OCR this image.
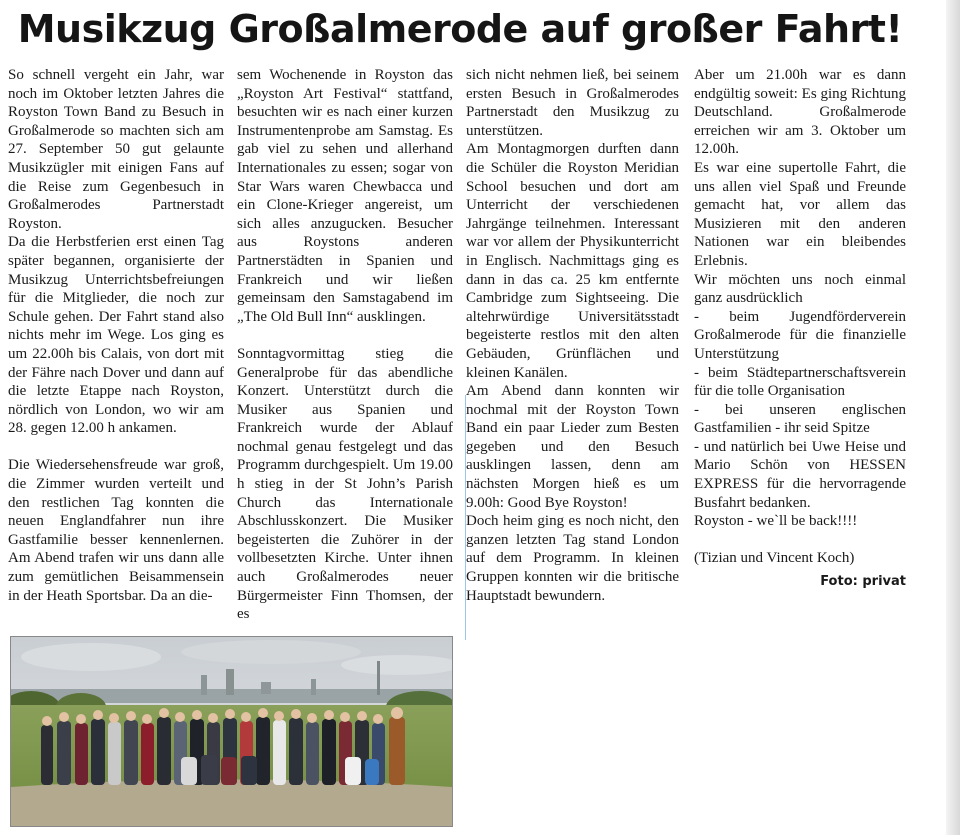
Musikzug Großalmerode auf großer Fahrt!

So schnell vergeht ein Jahr, war noch im Oktober letzten Jahres die Royston Town Band zu Besuch in Großalmerode so machten sich am 27. September 50 gut gelaunte Musikzügler mit einigen Fans auf die Reise zum Gegenbesuch in Großalmerodes Partnerstadt Royston.

Da die Herbstferien erst einen Tag später begannen, organisierte der Musikzug Unterrichtsbefreiungen für die Mitglieder, die noch zur Schule gehen. Der Fahrt stand also nichts mehr im Wege. Los ging es um 22.00h bis Calais, von dort mit der Fähre nach Dover und dann auf die letzte Etappe nach Royston, nördlich von London, wo wir am 28. gegen 12.00 h ankamen.

Die Wiedersehensfreude war groß, die Zimmer wurden verteilt und den restlichen Tag konnten die neuen Englandfahrer nun ihre Gastfamilie besser kennenlernen. Am Abend trafen wir uns dann alle zum gemütlichen Beisammensein in der Heath Sportsbar. Da an die-

sem Wochenende in Royston das „Royston Art Festival“ stattfand, besuchten wir es nach einer kurzen Instrumentenprobe am Samstag. Es gab viel zu sehen und allerhand Internationales zu essen; sogar von Star Wars waren Chewbacca und ein Clone-Krieger angereist, um sich alles anzugucken. Besucher aus Roystons anderen Partnerstädten in Spanien und Frankreich und wir ließen gemeinsam den Samstagabend im „The Old Bull Inn“ ausklingen.

Sonntagvormittag stieg die Generalprobe für das abendliche Konzert. Unterstützt durch die Musiker aus Spanien und Frankreich wurde der Ablauf nochmal genau festgelegt und das Programm durchgespielt. Um 19.00 h stieg in der St John’s Parish Church das Internationale Abschlusskonzert. Die Musiker begeisterten die Zuhörer in der vollbesetzten Kirche. Unter ihnen auch Großalmerodes neuer Bürgermeister Finn Thomsen, der es

sich nicht nehmen ließ, bei seinem ersten Besuch in Großalmerodes Partnerstadt den Musikzug zu unterstützen.

Am Montagmorgen durften dann die Schüler die Royston Meridian School besuchen und dort am Unterricht der verschiedenen Jahrgänge teilnehmen. Interessant war vor allem der Physikunterricht in Englisch. Nachmittags ging es dann in das ca. 25 km entfernte Cambridge zum Sightseeing. Die altehrwürdige Universitätsstadt begeisterte restlos mit den alten Gebäuden, Grünflächen und kleinen Kanälen.

Am Abend dann konnten wir nochmal mit der Royston Town Band ein paar Lieder zum Besten gegeben und den Besuch ausklingen lassen, denn am nächsten Morgen hieß es um 9.00h: Good Bye Royston!

Doch heim ging es noch nicht, den ganzen letzten Tag stand London auf dem Programm. In kleinen Gruppen konnten wir die britische Hauptstadt bewundern.

Aber um 21.00h war es dann endgültig soweit: Es ging Richtung Deutschland. Großalmerode erreichen wir am 3. Oktober um 12.00h.

Es war eine supertolle Fahrt, die uns allen viel Spaß und Freunde gemacht hat, vor allem das Musizieren mit den anderen Nationen war ein bleibendes Erlebnis.

Wir möchten uns noch einmal ganz ausdrücklich

- beim Jugendförderverein Großalmerode für die finanzielle Unterstützung

- beim Städtepartnerschaftsverein für die tolle Organisation

- bei unseren englischen Gastfamilien - ihr seid Spitze

- und natürlich bei Uwe Heise und Mario Schön von HESSEN EXPRESS für die hervorragende Busfahrt bedanken.

Royston - we`ll be back!!!!

(Tizian und Vincent Koch)

Foto: privat
